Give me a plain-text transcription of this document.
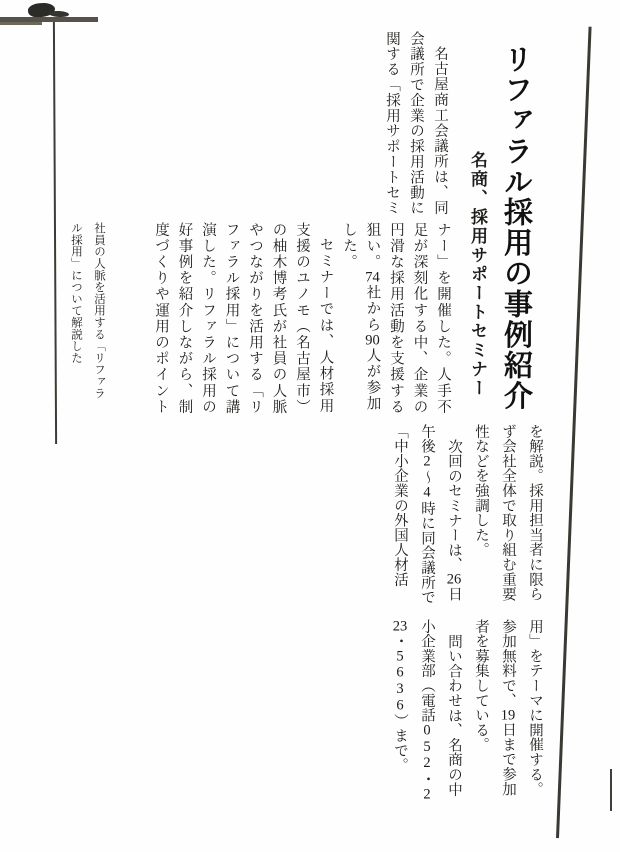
リファラル採用の事例紹介
名商、採用サポートセミナー
名古屋商工会議所は、同
会議所で企業の採用活動に
関する「採用サポートセミ
ナー」を開催した。人手不
足が深刻化する中、企業の
円滑な採用活動を支援する
狙い。74社から90人が参加
した。
セミナーでは、人材採用
支援のユノモ（名古屋市）
の柚木博考氏が社員の人脈
やつながりを活用する「リ
ファラル採用」について講
演した。リファラル採用の
好事例を紹介しながら、制
度づくりや運用のポイント
社員の人脈を活用する「リファラ
ル採用」について解説した
を解説。採用担当者に限ら
ず会社全体で取り組む重要
性などを強調した。
次回のセミナーは、26日
午後2〜4時に同会議所で
「中小企業の外国人材活
用」をテーマに開催する。
参加無料で、19日まで参加
者を募集している。
問い合わせは、名商の中
小企業部（電話052・2
23・5636）まで。
